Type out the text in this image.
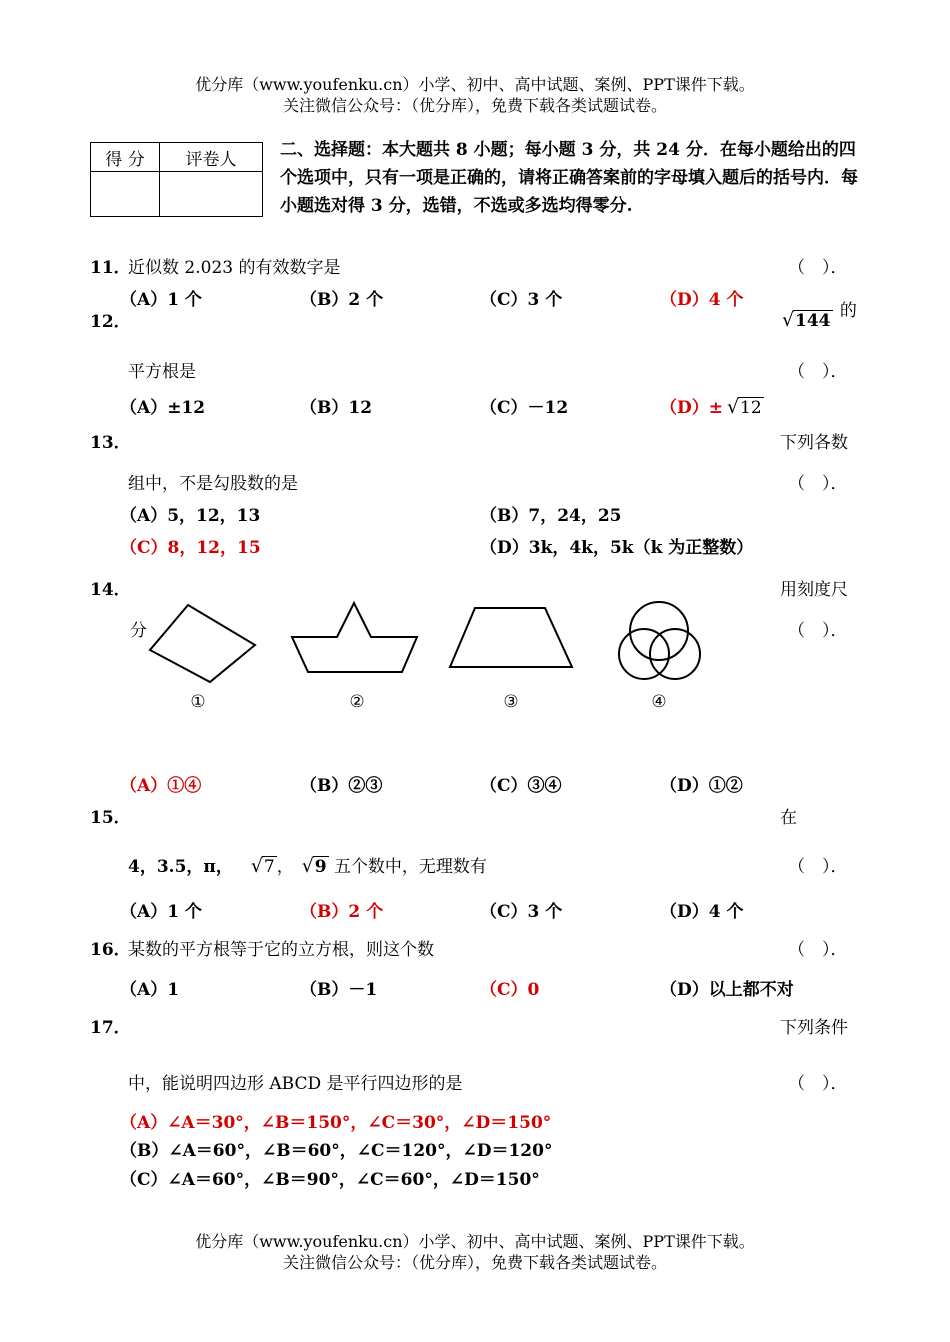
优分库（www.youfenku.cn）小学、初中、高中试题、案例、PPT课件下载。
关注微信公众号：（优分库），免费下载各类试题试卷。
得 分	评卷人
		二、选择题：本大题共 8 小题；每小题 3 分，共 24 分．在每小题给出的四个选项中，只有一项是正确的，请将正确答案前的字母填入题后的括号内．每小题选对得 3 分，选错，不选或多选均得零分.
11．
近似数 2.023 的有效数字是	（　）．
（A）1 个	（B）2 个	（C）3 个	（D）4 个
12．	√ 144 的
平方根是	（　）．
（A）±12	（B）12	（C）－12	（D）± √ 12
13．	下列各数
组中，不是勾股数的是	（　）．
（A）5，12，13	（B）7，24，25
（C）8，12，15	（D）3k，4k，5k（k 为正整数）
14．	用刻度尺
分	（　）．
①	②	③	④
（A）①④	（B）②③	（C）③④	（D）①②
15．	在
4，3.5，π， √ 7 ， √ 9 五个数中，无理数有	（　）．
（A）1 个	（B）2 个	（C）3 个	（D）4 个
16．
某数的平方根等于它的立方根，则这个数	（　）．
（A）1	（B）－1	（C）0	（D）以上都不对
17．	下列条件
中，能说明四边形 ABCD 是平行四边形的是	（　）．
（A）∠A＝30°，∠B＝150°，∠C＝30°，∠D＝150°
（B）∠A＝60°，∠B＝60°，∠C＝120°，∠D＝120°
（C）∠A＝60°，∠B＝90°，∠C＝60°，∠D＝150°
优分库（www.youfenku.cn）小学、初中、高中试题、案例、PPT课件下载。
关注微信公众号：（优分库），免费下载各类试题试卷。
